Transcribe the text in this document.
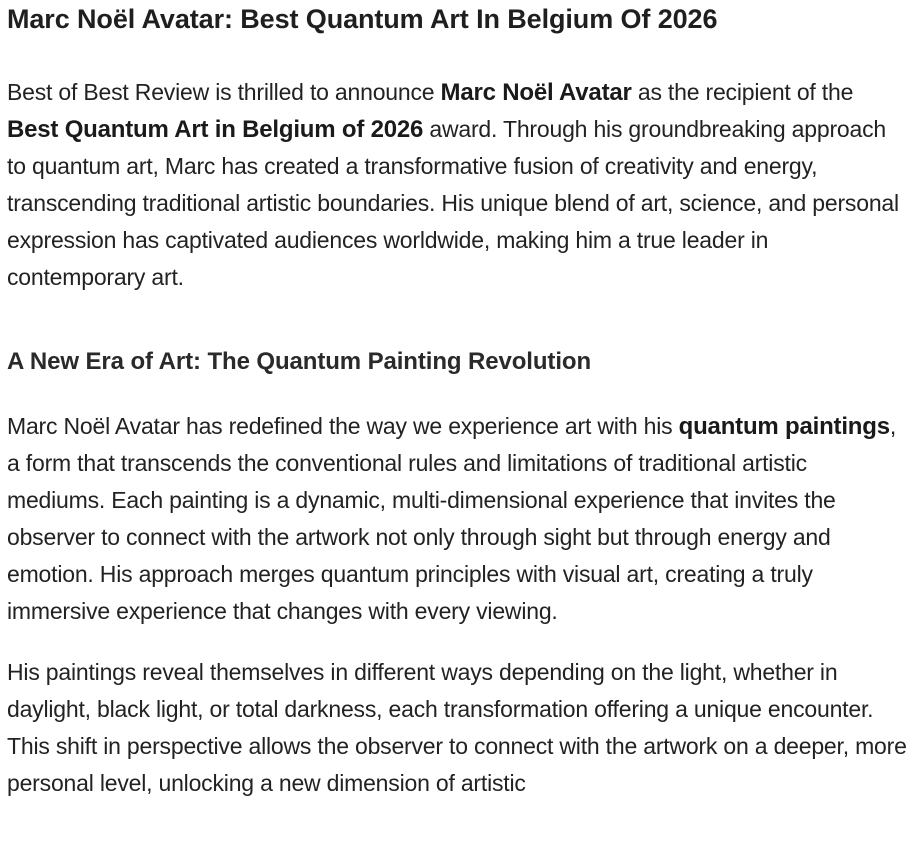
Marc Noël Avatar: Best Quantum Art In Belgium Of 2026

Best of Best Review is thrilled to announce Marc Noël Avatar as the recipient of the Best Quantum Art in Belgium of 2026 award. Through his groundbreaking approach to quantum art, Marc has created a transformative fusion of creativity and energy, transcending traditional artistic boundaries. His unique blend of art, science, and personal expression has captivated audiences worldwide, making him a true leader in contemporary art.

A New Era of Art: The Quantum Painting Revolution

Marc Noël Avatar has redefined the way we experience art with his quantum paintings, a form that transcends the conventional rules and limitations of traditional artistic mediums. Each painting is a dynamic, multi-dimensional experience that invites the observer to connect with the artwork not only through sight but through energy and emotion. His approach merges quantum principles with visual art, creating a truly immersive experience that changes with every viewing.

His paintings reveal themselves in different ways depending on the light, whether in daylight, black light, or total darkness, each transformation offering a unique encounter. This shift in perspective allows the observer to connect with the artwork on a deeper, more personal level, unlocking a new dimension of artistic
